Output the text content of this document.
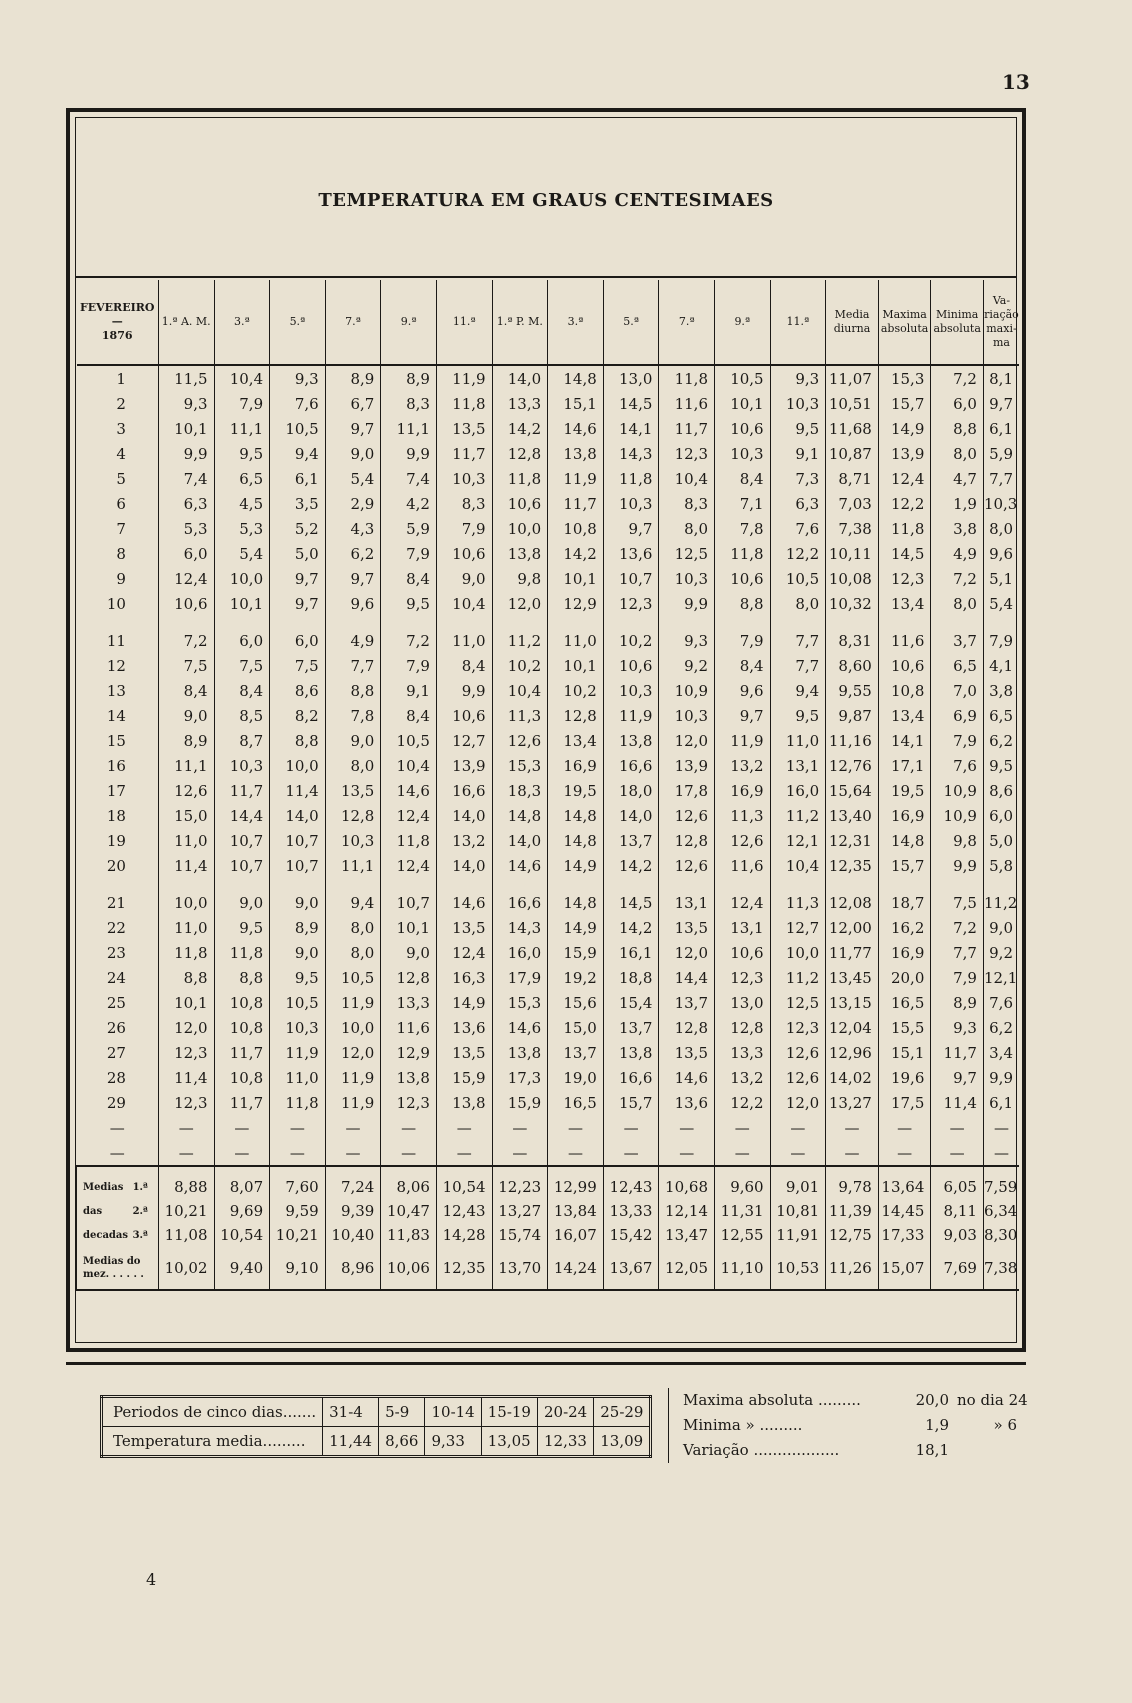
13
TEMPERATURA EM GRAUS CENTESIMAES
FEVEREIRO
—
1876	1.ª A. M.	3.ª	5.ª	7.ª	9.ª	11.ª	1.ª P. M.	3.ª	5.ª	7.ª	9.ª	11.ª	Media diurna	Maxima absoluta	Minima absoluta	Va- riação maxi- ma
1	11,5	10,4	9,3	8,9	8,9	11,9	14,0	14,8	13,0	11,8	10,5	9,3	11,07	15,3	7,2	8,1
2	9,3	7,9	7,6	6,7	8,3	11,8	13,3	15,1	14,5	11,6	10,1	10,3	10,51	15,7	6,0	9,7
3	10,1	11,1	10,5	9,7	11,1	13,5	14,2	14,6	14,1	11,7	10,6	9,5	11,68	14,9	8,8	6,1
4	9,9	9,5	9,4	9,0	9,9	11,7	12,8	13,8	14,3	12,3	10,3	9,1	10,87	13,9	8,0	5,9
5	7,4	6,5	6,1	5,4	7,4	10,3	11,8	11,9	11,8	10,4	8,4	7,3	8,71	12,4	4,7	7,7
6	6,3	4,5	3,5	2,9	4,2	8,3	10,6	11,7	10,3	8,3	7,1	6,3	7,03	12,2	1,9	10,3
7	5,3	5,3	5,2	4,3	5,9	7,9	10,0	10,8	9,7	8,0	7,8	7,6	7,38	11,8	3,8	8,0
8	6,0	5,4	5,0	6,2	7,9	10,6	13,8	14,2	13,6	12,5	11,8	12,2	10,11	14,5	4,9	9,6
9	12,4	10,0	9,7	9,7	8,4	9,0	9,8	10,1	10,7	10,3	10,6	10,5	10,08	12,3	7,2	5,1
10	10,6	10,1	9,7	9,6	9,5	10,4	12,0	12,9	12,3	9,9	8,8	8,0	10,32	13,4	8,0	5,4

11	7,2	6,0	6,0	4,9	7,2	11,0	11,2	11,0	10,2	9,3	7,9	7,7	8,31	11,6	3,7	7,9
12	7,5	7,5	7,5	7,7	7,9	8,4	10,2	10,1	10,6	9,2	8,4	7,7	8,60	10,6	6,5	4,1
13	8,4	8,4	8,6	8,8	9,1	9,9	10,4	10,2	10,3	10,9	9,6	9,4	9,55	10,8	7,0	3,8
14	9,0	8,5	8,2	7,8	8,4	10,6	11,3	12,8	11,9	10,3	9,7	9,5	9,87	13,4	6,9	6,5
15	8,9	8,7	8,8	9,0	10,5	12,7	12,6	13,4	13,8	12,0	11,9	11,0	11,16	14,1	7,9	6,2
16	11,1	10,3	10,0	8,0	10,4	13,9	15,3	16,9	16,6	13,9	13,2	13,1	12,76	17,1	7,6	9,5
17	12,6	11,7	11,4	13,5	14,6	16,6	18,3	19,5	18,0	17,8	16,9	16,0	15,64	19,5	10,9	8,6
18	15,0	14,4	14,0	12,8	12,4	14,0	14,8	14,8	14,0	12,6	11,3	11,2	13,40	16,9	10,9	6,0
19	11,0	10,7	10,7	10,3	11,8	13,2	14,0	14,8	13,7	12,8	12,6	12,1	12,31	14,8	9,8	5,0
20	11,4	10,7	10,7	11,1	12,4	14,0	14,6	14,9	14,2	12,6	11,6	10,4	12,35	15,7	9,9	5,8

21	10,0	9,0	9,0	9,4	10,7	14,6	16,6	14,8	14,5	13,1	12,4	11,3	12,08	18,7	7,5	11,2
22	11,0	9,5	8,9	8,0	10,1	13,5	14,3	14,9	14,2	13,5	13,1	12,7	12,00	16,2	7,2	9,0
23	11,8	11,8	9,0	8,0	9,0	12,4	16,0	15,9	16,1	12,0	10,6	10,0	11,77	16,9	7,7	9,2
24	8,8	8,8	9,5	10,5	12,8	16,3	17,9	19,2	18,8	14,4	12,3	11,2	13,45	20,0	7,9	12,1
25	10,1	10,8	10,5	11,9	13,3	14,9	15,3	15,6	15,4	13,7	13,0	12,5	13,15	16,5	8,9	7,6
26	12,0	10,8	10,3	10,0	11,6	13,6	14,6	15,0	13,7	12,8	12,8	12,3	12,04	15,5	9,3	6,2
27	12,3	11,7	11,9	12,0	12,9	13,5	13,8	13,7	13,8	13,5	13,3	12,6	12,96	15,1	11,7	3,4
28	11,4	10,8	11,0	11,9	13,8	15,9	17,3	19,0	16,6	14,6	13,2	12,6	14,02	19,6	9,7	9,9
29	12,3	11,7	11,8	11,9	12,3	13,8	15,9	16,5	15,7	13,6	12,2	12,0	13,27	17,5	11,4	6,1
—	—	—	—	—	—	—	—	—	—	—	—	—	—	—	—	—
—	—	—	—	—	—	—	—	—	—	—	—	—	—	—	—	—
Medias 1.ª	8,88	8,07	7,60	7,24	8,06	10,54	12,23	12,99	12,43	10,68	9,60	9,01	9,78	13,64	6,05	7,59
das 2.ª	10,21	9,69	9,59	9,39	10,47	12,43	13,27	13,84	13,33	12,14	11,31	10,81	11,39	14,45	8,11	6,34
decadas 3.ª	11,08	10,54	10,21	10,40	11,83	14,28	15,74	16,07	15,42	13,47	12,55	11,91	12,75	17,33	9,03	8,30
Medias do
mez. . . . . .	10,02	9,40	9,10	8,96	10,06	12,35	13,70	14,24	13,67	12,05	11,10	10,53	11,26	15,07	7,69	7,38
Periodos de cinco dias.......	31-4	5-9	10-14	15-19	20-24	25-29
Temperatura media.........	11,44	8,66	9,33	13,05	12,33	13,09
Maxima absoluta .........	20,0 no dia 24
Minima » .........	1,9	» 6
Variação ..................	18,1
4
